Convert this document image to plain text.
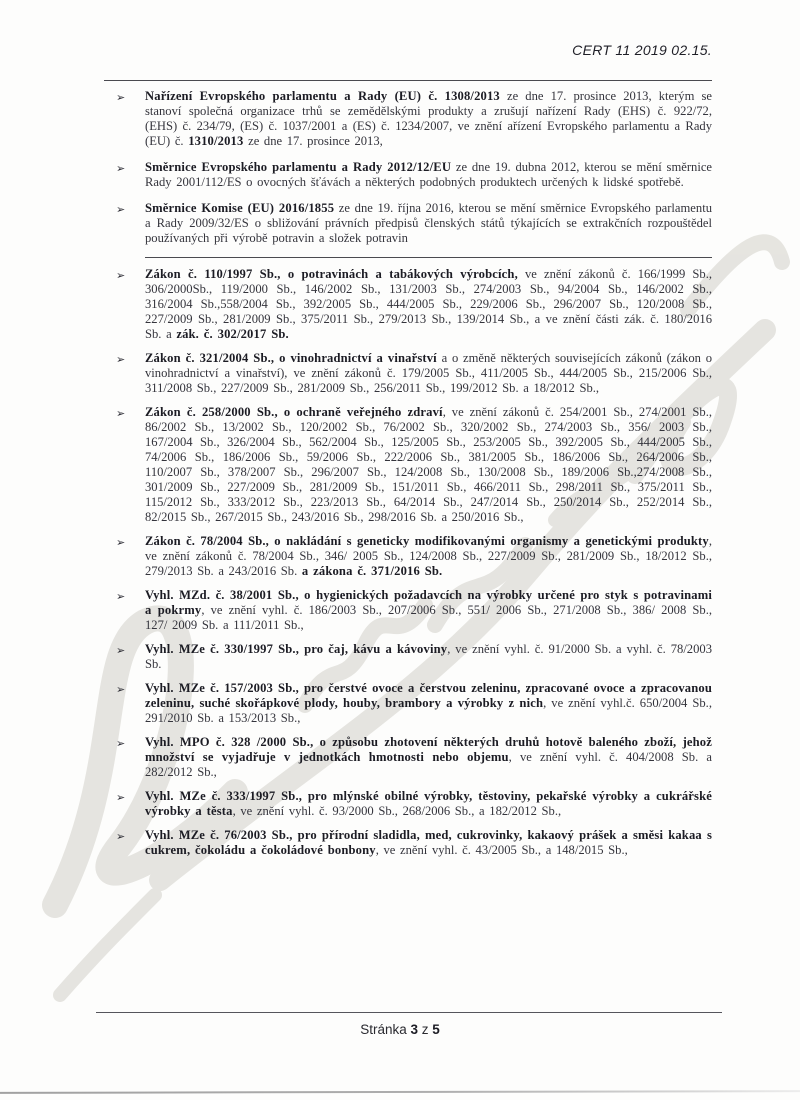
CERT 11 2019 02.15.
➢	Nařízení Evropského parlamentu a Rady (EU) č. 1308/2013 ze dne 17. prosince 2013, kterým se stanoví společná organizace trhů se zemědělskými produkty a zrušují nařízení Rady (EHS) č. 922/72, (EHS) č. 234/79, (ES) č. 1037/2001 a (ES) č. 1234/2007, ve znění ařízení Evropského parlamentu a Rady (EU) č. 1310/2013 ze dne 17. prosince 2013,
➢	Směrnice Evropského parlamentu a Rady 2012/12/EU ze dne 19. dubna 2012, kterou se mění směrnice Rady 2001/112/ES o ovocných šťávách a některých podobných produktech určených k lidské spotřebě.
➢	Směrnice Komise (EU) 2016/1855 ze dne 19. října 2016, kterou se mění směrnice Evropského parlamentu a Rady 2009/32/ES o sbližování právních předpisů členských států týkajících se extrakčních rozpouštědel používaných při výrobě potravin a složek potravin
➢	Zákon č. 110/1997 Sb., o potravinách a tabákových výrobcích, ve znění zákonů č. 166/1999 Sb., 306/2000Sb., 119/2000 Sb., 146/2002 Sb., 131/2003 Sb., 274/2003 Sb., 94/2004 Sb., 146/2002 Sb., 316/2004 Sb.,558/2004 Sb., 392/2005 Sb., 444/2005 Sb., 229/2006 Sb., 296/2007 Sb., 120/2008 Sb., 227/2009 Sb., 281/2009 Sb., 375/2011 Sb., 279/2013 Sb., 139/2014 Sb., a ve znění části zák. č. 180/2016 Sb. a zák. č. 302/2017 Sb.
➢	Zákon č. 321/2004 Sb., o vinohradnictví a vinařství a o změně některých souvisejících zákonů (zákon o vinohradnictví a vinařství), ve znění zákonů č. 179/2005 Sb., 411/2005 Sb., 444/2005 Sb., 215/2006 Sb., 311/2008 Sb., 227/2009 Sb., 281/2009 Sb., 256/2011 Sb., 199/2012 Sb. a 18/2012 Sb.,
➢	Zákon č. 258/2000 Sb., o ochraně veřejného zdraví, ve znění zákonů č. 254/2001 Sb., 274/2001 Sb., 86/2002 Sb., 13/2002 Sb., 120/2002 Sb., 76/2002 Sb., 320/2002 Sb., 274/2003 Sb., 356/ 2003 Sb., 167/2004 Sb., 326/2004 Sb., 562/2004 Sb., 125/2005 Sb., 253/2005 Sb., 392/2005 Sb., 444/2005 Sb., 74/2006 Sb., 186/2006 Sb., 59/2006 Sb., 222/2006 Sb., 381/2005 Sb., 186/2006 Sb., 264/2006 Sb., 110/2007 Sb., 378/2007 Sb., 296/2007 Sb., 124/2008 Sb., 130/2008 Sb., 189/2006 Sb.,274/2008 Sb., 301/2009 Sb., 227/2009 Sb., 281/2009 Sb., 151/2011 Sb., 466/2011 Sb., 298/2011 Sb., 375/2011 Sb., 115/2012 Sb., 333/2012 Sb., 223/2013 Sb., 64/2014 Sb., 247/2014 Sb., 250/2014 Sb., 252/2014 Sb., 82/2015 Sb., 267/2015 Sb., 243/2016 Sb., 298/2016 Sb. a 250/2016 Sb.,
➢	Zákon č. 78/2004 Sb., o nakládání s geneticky modifikovanými organismy a genetickými produkty, ve znění zákonů č. 78/2004 Sb., 346/ 2005 Sb., 124/2008 Sb., 227/2009 Sb., 281/2009 Sb., 18/2012 Sb., 279/2013 Sb. a 243/2016 Sb. a zákona č. 371/2016 Sb.
➢	Vyhl. MZd. č. 38/2001 Sb., o hygienických požadavcích na výrobky určené pro styk s potravinami a pokrmy, ve znění vyhl. č. 186/2003 Sb., 207/2006 Sb., 551/ 2006 Sb., 271/2008 Sb., 386/ 2008 Sb., 127/ 2009 Sb. a 111/2011 Sb.,
➢	Vyhl. MZe č. 330/1997 Sb., pro čaj, kávu a kávoviny, ve znění vyhl. č. 91/2000 Sb. a vyhl. č. 78/2003 Sb.
➢	Vyhl. MZe č. 157/2003 Sb., pro čerstvé ovoce a čerstvou zeleninu, zpracované ovoce a zpracovanou zeleninu, suché skořápkové plody, houby, brambory a výrobky z nich, ve znění vyhl.č. 650/2004 Sb., 291/2010 Sb. a 153/2013 Sb.,
➢	Vyhl. MPO č. 328 /2000 Sb., o způsobu zhotovení některých druhů hotově baleného zboží, jehož množství se vyjadřuje v jednotkách hmotnosti nebo objemu, ve znění vyhl. č. 404/2008 Sb. a 282/2012 Sb.,
➢	Vyhl. MZe č. 333/1997 Sb., pro mlýnské obilné výrobky, těstoviny, pekařské výrobky a cukrářské výrobky a těsta, ve znění vyhl. č. 93/2000 Sb., 268/2006 Sb., a 182/2012 Sb.,
➢	Vyhl. MZe č. 76/2003 Sb., pro přírodní sladidla, med, cukrovinky, kakaový prášek a směsi kakaa s cukrem, čokoládu a čokoládové bonbony, ve znění vyhl. č. 43/2005 Sb., a 148/2015 Sb.,
Stránka 3 z 5
